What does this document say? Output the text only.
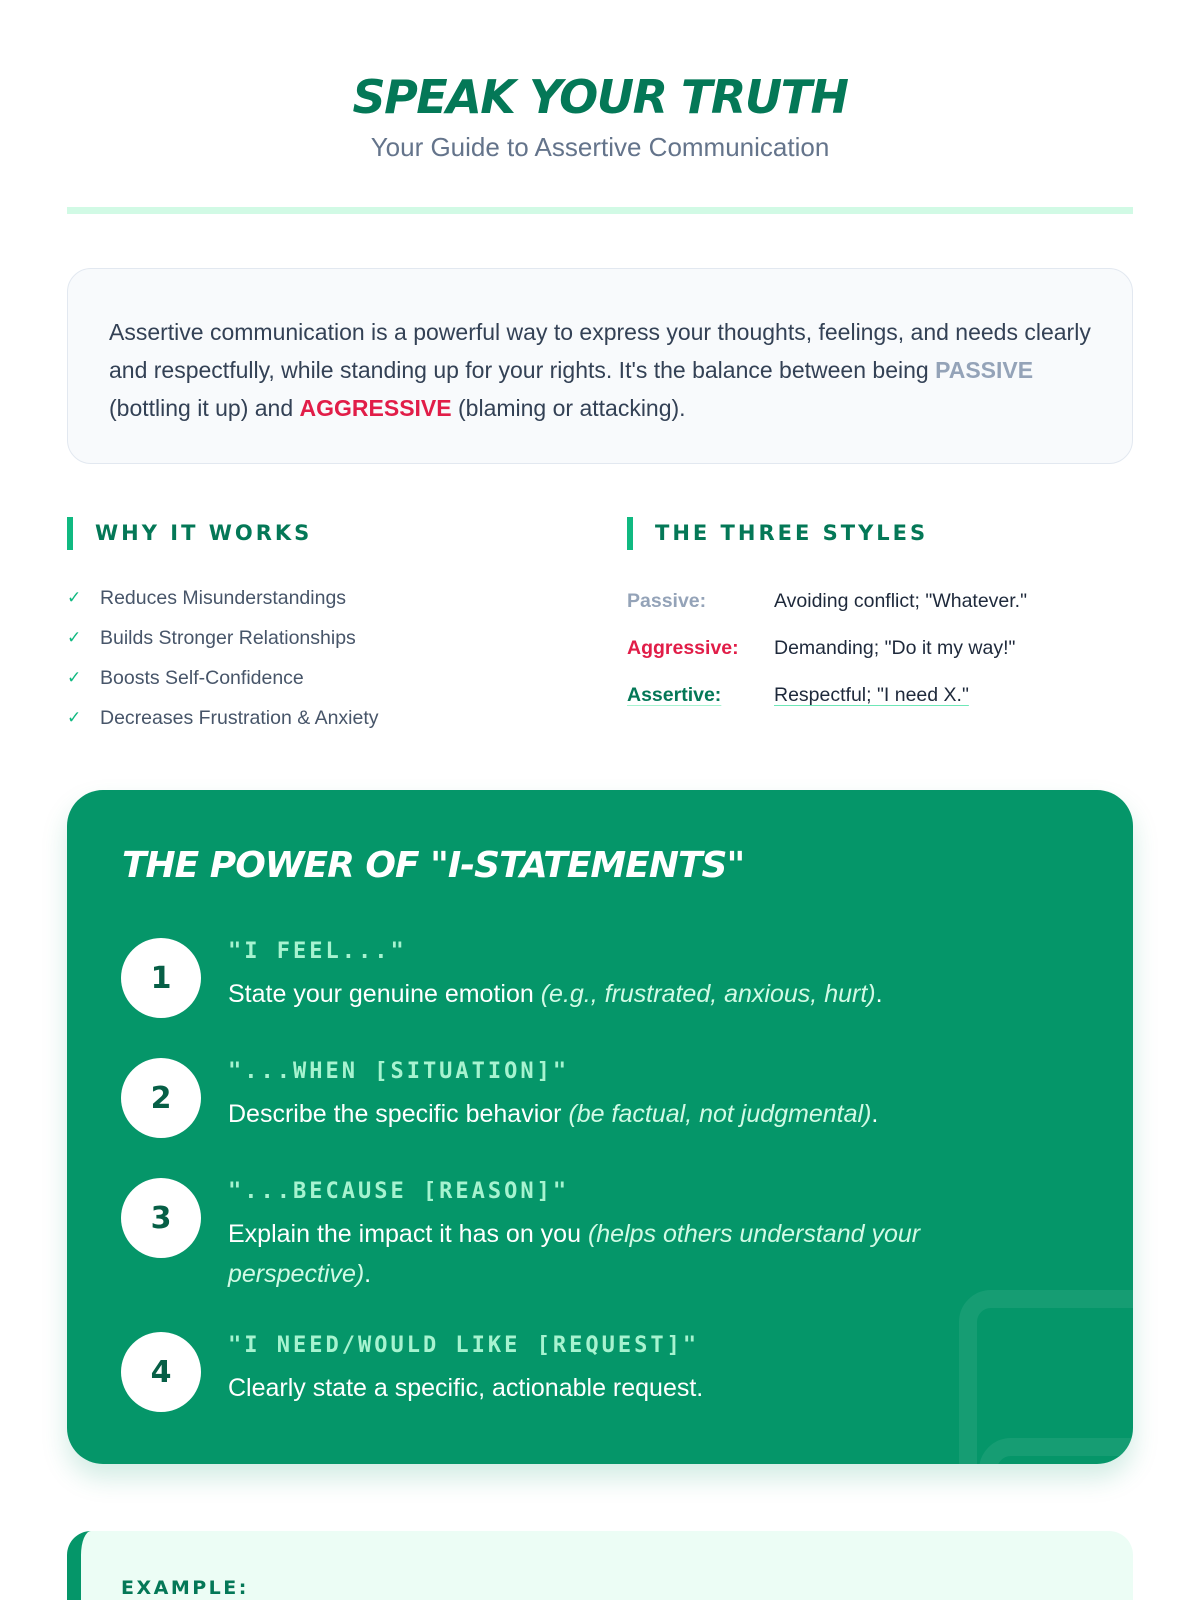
SPEAK YOUR TRUTH

Your Guide to Assertive Communication

Assertive communication is a powerful way to express your thoughts, feelings, and needs clearly and respectfully, while standing up for your rights. It's the balance between being PASSIVE (bottling it up) and AGGRESSIVE (blaming or attacking).

WHY IT WORKS
✓ Reduces Misunderstandings
✓ Builds Stronger Relationships
✓ Boosts Self-Confidence
✓ Decreases Frustration & Anxiety
THE THREE STYLES
Passive:	Avoiding conflict; "Whatever."
Aggressive:	Demanding; "Do it my way!"
Assertive:	Respectful; "I need X."
THE POWER OF "I-STATEMENTS"
1
"I FEEL..."
State your genuine emotion (e.g., frustrated, anxious, hurt).
2
"...WHEN [SITUATION]"
Describe the specific behavior (be factual, not judgmental).
3
"...BECAUSE [REASON]"
Explain the impact it has on you (helps others understand your perspective).
4
"I NEED/WOULD LIKE [REQUEST]"
Clearly state a specific, actionable request.
EXAMPLE:
